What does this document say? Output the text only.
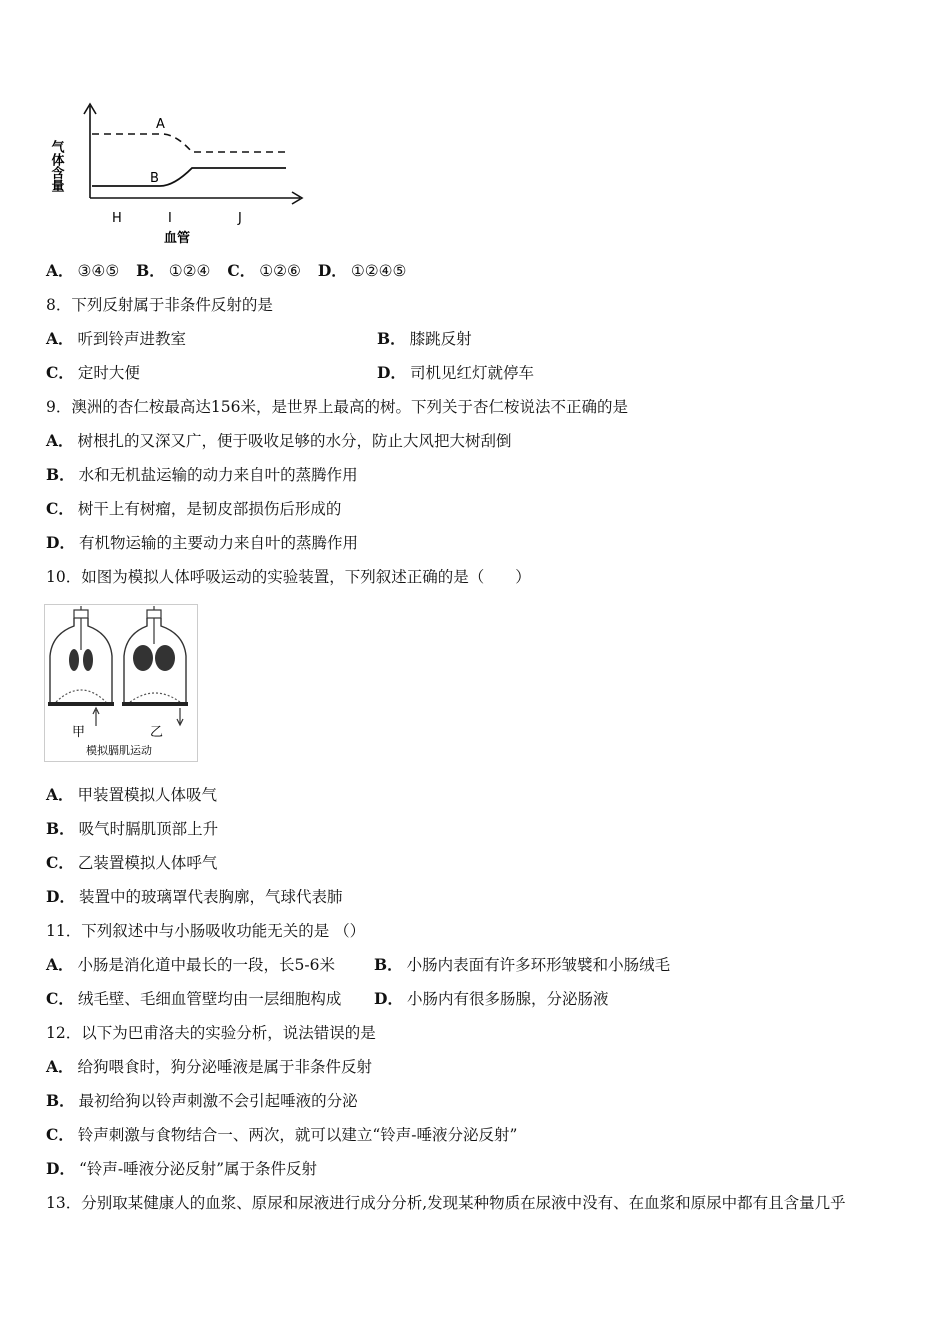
气体含量
A
B
H	I	J
血管
A． ③④⑤ B． ①②④ C． ①②⑥ D． ①②④⑤
8．下列反射属于非条件反射的是
A． 听到铃声进教室	B． 膝跳反射
C． 定时大便	D． 司机见红灯就停车
9．澳洲的杏仁桉最高达156米，是世界上最高的树。下列关于杏仁桉说法不正确的是
A． 树根扎的又深又广，便于吸收足够的水分，防止大风把大树刮倒
B． 水和无机盐运输的动力来自叶的蒸腾作用
C． 树干上有树瘤，是韧皮部损伤后形成的
D． 有机物运输的主要动力来自叶的蒸腾作用
10．如图为模拟人体呼吸运动的实验装置，下列叙述正确的是（　　）
甲	乙
模拟膈肌运动
A． 甲装置模拟人体吸气
B． 吸气时膈肌顶部上升
C． 乙装置模拟人体呼气
D． 装置中的玻璃罩代表胸廓，气球代表肺
11．下列叙述中与小肠吸收功能无关的是 （）
A． 小肠是消化道中最长的一段，长5-6米	B． 小肠内表面有许多环形皱襞和小肠绒毛
C． 绒毛壁、毛细血管壁均由一层细胞构成 D． 小肠内有很多肠腺，分泌肠液
12．以下为巴甫洛夫的实验分析，说法错误的是
A． 给狗喂食时，狗分泌唾液是属于非条件反射
B． 最初给狗以铃声刺激不会引起唾液的分泌
C． 铃声刺激与食物结合一、两次，就可以建立“铃声-唾液分泌反射”
D． “铃声-唾液分泌反射”属于条件反射
13．分别取某健康人的血浆、原尿和尿液进行成分分析,发现某种物质在尿液中没有、在血浆和原尿中都有且含量几乎
